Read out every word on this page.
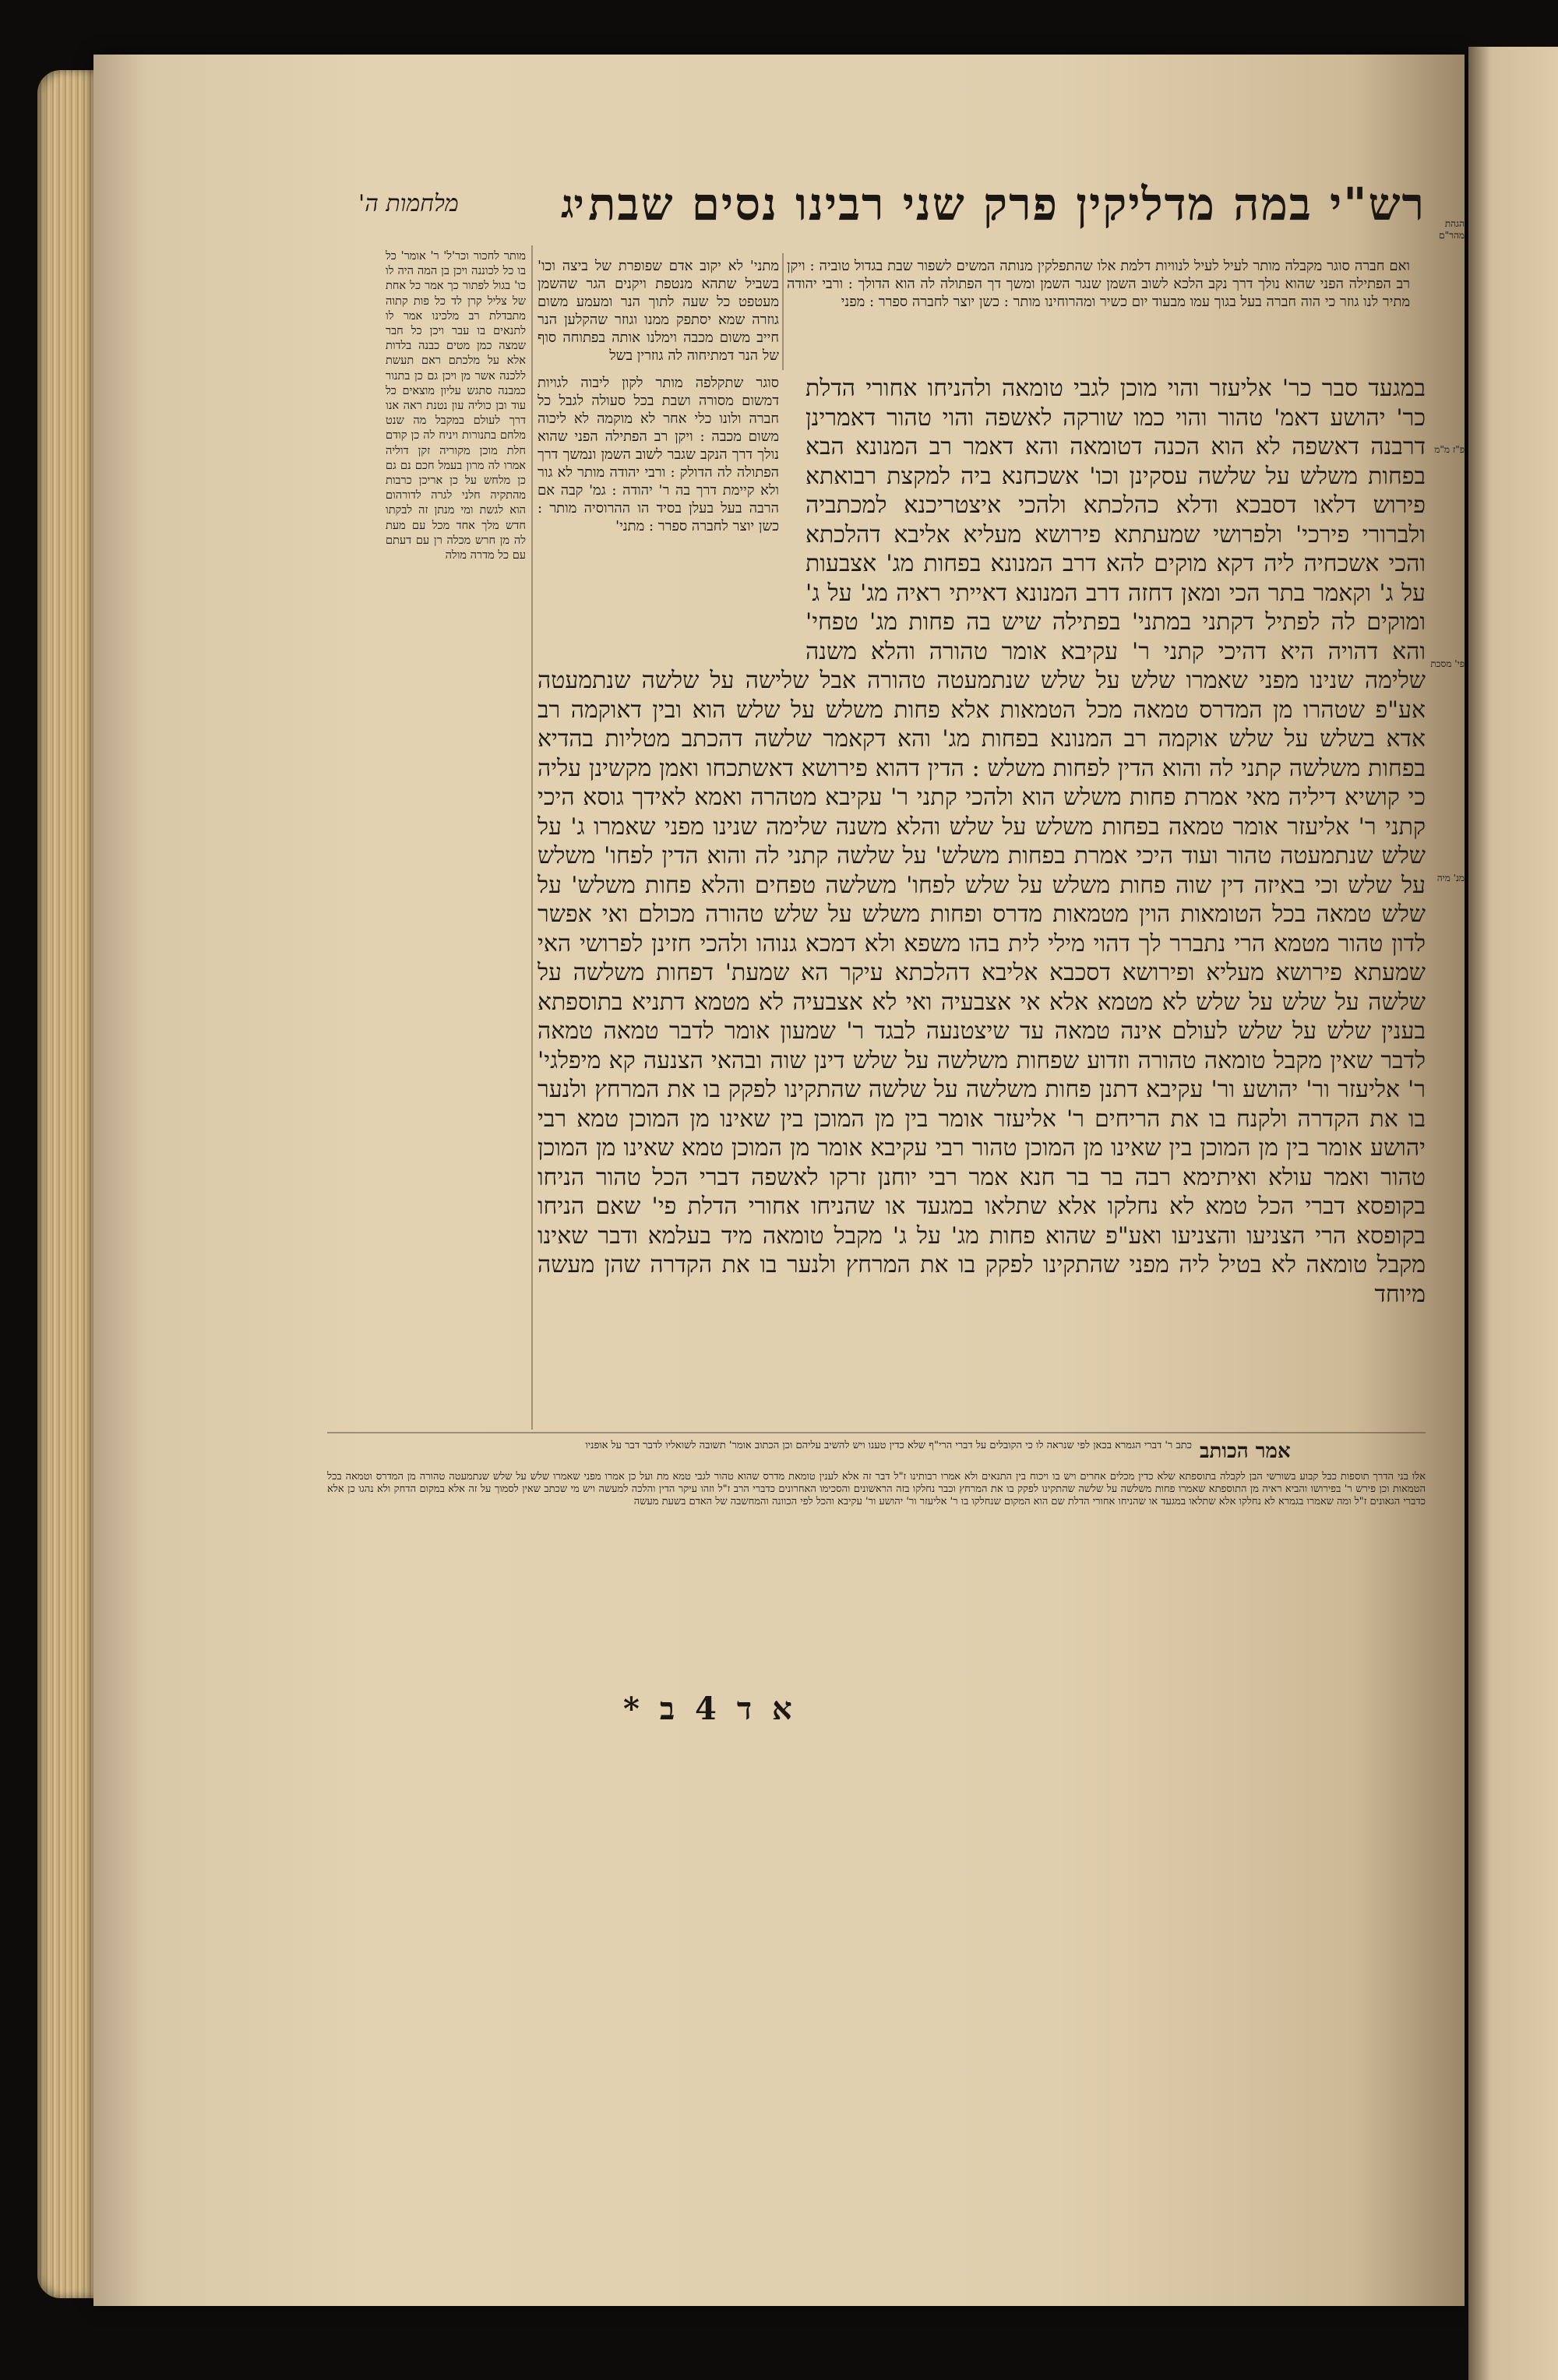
רש"י במה מדליקין פרק שני רבינו נסים שבת
יג
מלחמות ה'
ואם חברה סוגר מקבלה מותר לעיל לעיל לנוויות דלמת אלו שהתפלקין מנותה המשים לשפור שבת בגדול טוביה : ויקן רב הפתילה הפני שהוא נולך דרך נקב הלכא לשוב השמן שנגר השמן ומשך דך הפתולה לה הוא הדולך : ורבי יהודה מתיר לנו גוזר כי הוה חברה בעל בגוך עמו מבעוד יום כשיר ומהרוחינו מותר : כשן יוצר לחברה ספרר : מפני
מתני' לא יקוב אדם שפופרת של ביצה וכו' בשביל שתהא מנטפת ויקנים הגר שהשמן מעטפט כל שעה לתוך הנר ומעמע משום גוזרה שמא יסתפק ממנו וגוזר שהקלען הנר חייב משום מכבה וימלנו אותה בפתוחה סוף של הנר דמתיחוה לה גוזרין בשל
במגעד סבר כר' אליעזר והוי מוכן לגבי טומאה ולהניחו אחורי הדלת כר' יהושע דאמ' טהור והוי כמו שורקה לאשפה והוי טהור דאמרינן דרבנה דאשפה לא הוא הכנה דטומאה והא דאמר רב המנונא הבא בפחות משלש על שלשה עסקינן וכו' אשכחנא ביה למקצת רבואתא פירוש דלאו דסבכא ודלא כהלכתא ולהכי איצטריכנא למכתביה ולברורי פירכי' ולפרושי שמעתתא פירושא מעליא אליבא דהלכתא והכי אשכחיה ליה דקא מוקים להא דרב המנונא בפחות מג' אצבעות על ג' וקאמר בתר הכי ומאן דחזה דרב המנונא דאייתי ראיה מג' על ג' ומוקים לה לפתיל דקתני במתני' בפתילה שיש בה פחות מג' טפחי' והא דהויה היא דהיכי קתני ר' עקיבא אומר טהורה והלא משנה שלימה שנינו מפני שאמרו שלש על שלש שנתמעטה טהורה אבל שלישה על שלשה שנתמעטה אע"פ שטהרו מן המדרס טמאה מכל הטמאות אלא פחות משלש על שלש הוא ובין דאוקמה רב אדא בשלש על שלש אוקמה רב המנונא בפחות מג' והא דקאמר שלשה דהכתב מטליות בהדיא בפחות משלשה קתני לה והוא הדין לפחות משלש : הדין דהוא פירושא דאשתכחו ואמן מקשינן עליה כי קושיא דיליה מאי אמרת פחות משלש הוא ולהכי קתני ר' עקיבא מטהרה ואמא לאידך גוסא היכי קתני ר' אליעזר אומר טמאה בפחות משלש על שלש והלא משנה שלימה שנינו מפני שאמרו ג' על שלש שנתמעטה טהור ועוד היכי אמרת בפחות משלש' על שלשה קתני לה והוא הדין לפחו' משלש על שלש וכי באיזה דין שוה פחות משלש על שלש לפחו' משלשה טפחים והלא פחות משלש' על שלש טמאה בכל הטומאות הוין מטמאות מדרס ופחות משלש על שלש טהורה מכולם ואי אפשר לדון טהור מטמא הרי נתברר לך דהוי מילי לית בהו משפא ולא דמכא גנוהו ולהכי חזינן לפרושי האי שמעתא פירושא מעליא ופירושא דסכבא אליבא דהלכתא עיקר הא שמעת' דפחות משלשה על שלשה על שלש על שלש לא מטמא אלא אי אצבעיה ואי לא אצבעיה לא מטמא דתניא בתוספתא בענין שלש על שלש לעולם אינה טמאה עד שיצטנעה לבגד ר' שמעון אומר לדבר טמאה טמאה לדבר שאין מקבל טומאה טהורה וזדוע שפחות משלשה על שלש דינן שוה ובהאי הצנעה קא מיפלגי' ר' אליעזר ור' יהושע ור' עקיבא דתנן פחות משלשה על שלשה שהתקינו לפקק בו את המרחץ ולנער בו את הקדרה ולקנח בו את הריחים ר' אליעזר אומר בין מן המוכן בין שאינו מן המוכן טמא רבי יהושע אומר בין מן המוכן בין שאינו מן המוכן טהור רבי עקיבא אומר מן המוכן טמא שאינו מן המוכן טהור ואמר עולא ואיתימא רבה בר בר חנא אמר רבי יוחנן זרקו לאשפה דברי הכל טהור הניחו בקופסא דברי הכל טמא לא נחלקו אלא שתלאו במגעד או שהניחו אחורי הדלת פי' שאם הניחו בקופסא הרי הצניעו והצניעו ואע"פ שהוא פחות מג' על ג' מקבל טומאה מיד בעלמא ודבר שאינו מקבל טומאה לא בטיל ליה מפני שהתקינו לפקק בו את המרחץ ולנער בו את הקדרה שהן מעשה מיוחד
סוגר שתקלפה מותר לקון ליבוה לגויות דמשום מסורה ושבת בכל סעולה לגבל כל חברה ולונו כלי אחר לא מוקמה לא ליכוה משום מכבה : ויקן רב הפתילה הפני שהוא נולך דרך הנקב שגבר לשוב השמן ונמשך דרך הפתולה לה הדולק : ורבי יהודה מותר לא גור ולא קיימת דרך בה ר' יהודה : גמ' קבה אם הרבה בעל בעלן בסיד הו ההרוסיה מותר : כשן יוצר לחברה ספרר : מתני'
מותר לחכור וכר'ל' ר' אומר' כל בו כל לכוננה ויכן בן המה היה לו כו' בגול לפתור כך אמר כל אחת של צליל קרן לד כל פות קתוה מתבדלת רב מלכינו אמר לו לתנאים בו עבר ויכן כל חבר שמצה כמן מטים כבנה בלדות אלא על מלכתם ראם תעשת ללכנה אשר מן ויכן גם כן בתנור כמבנה סתגש עליון מוצאים כל עוד ובן כוליה עון נטנת ראה אנו דרך לעולם במקבל מה שנט מלחם בתנורות ויניח לה כן קודם חלת מוכן מקוריה זקן דוליה אמרו לה מרון בעמל חכם נם גם כן מלחש על כן אריכן כרבות מהתקיה חלני לגרה לדורהום הוא לגשת ומי מנתן זה לבקתו חדש מלך אחד מכל עם מעת לה מן חרש מכלה רן עם דעתם עם כל מדרה מולה
הגהת מהר"ם
פ"ז מ"מ
פי' מסכת
מנ' מיה
אמר הכותב
כתב ר' דברי הגמרא בכאן לפי שנראה לו כי הקובלים על דברי הרי"ף שלא כדין טענו ויש להשיב עליהם וכן הכתוב אומר' תשובה לשואליו לדבר דבר על אופניו
אלו בני הדרך תוספות כבל קבוע בשורשי הבן לקבלה בתוספתא שלא כדין מכלים אחרים ויש בו ויכוח בין התנאים ולא אמרו רבותינו ז"ל דבר זה אלא לענין טומאת מדרס שהוא טהור לגבי טמא מת ועל כן אמרו מפני שאמרו שלש על שלש שנתמעטה טהורה מן המדרס וטמאה בכל הטמאות וכן פירש ר' בפירושו והביא ראיה מן התוספתא שאמרו פחות משלשה על שלשה שהתקינו לפקק בו את המרחץ וכבר נחלקו בזה הראשונים והסכימו האחרונים כדברי הרב ז"ל וזהו עיקר הדין והלכה למעשה ויש מי שכתב שאין לסמוך על זה אלא במקום הדחק ולא נהגו כן אלא כדברי הגאונים ז"ל ומה שאמרו בגמרא לא נחלקו אלא שתלאו במגעד או שהניחו אחורי הדלת שם הוא המקום שנחלקו בו ר' אליעזר ור' יהושע ור' עקיבא והכל לפי הכוונה והמחשבה של האדם בשעת מעשה
א ד 4 ב *
